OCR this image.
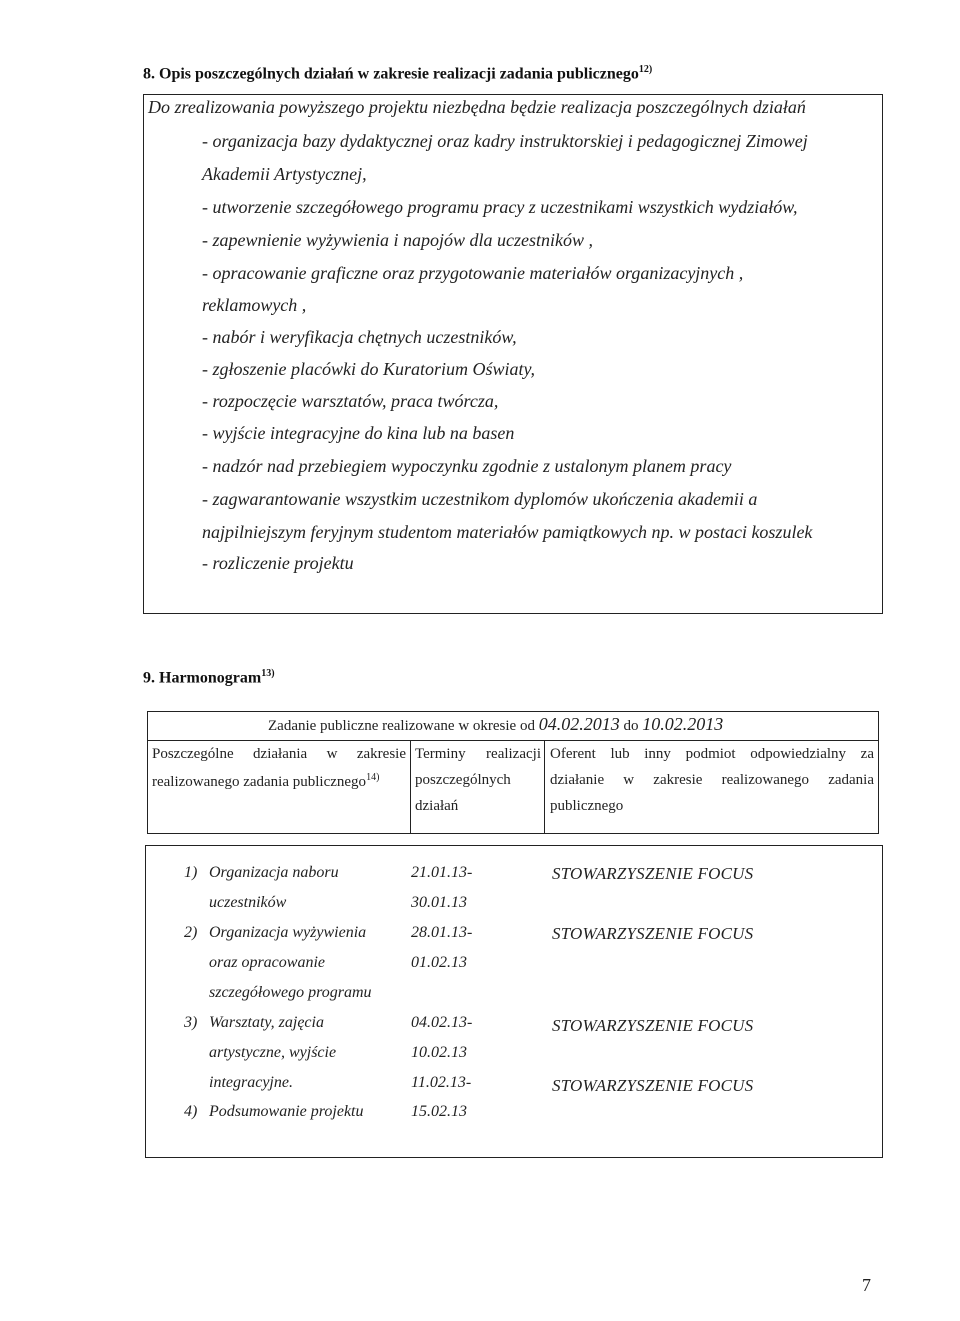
8. Opis poszczególnych działań w zakresie realizacji zadania publicznego$^{12)}$
Do zrealizowania powyższego projektu niezbędna będzie realizacja poszczególnych działań
- organizacja bazy dydaktycznej oraz kadry instruktorskiej i pedagogicznej Zimowej
Akademii Artystycznej,
- utworzenie szczegółowego programu pracy z uczestnikami wszystkich wydziałów,
- zapewnienie wyżywienia i napojów dla uczestników ,
- opracowanie graficzne oraz przygotowanie materiałów organizacyjnych ,
reklamowych ,
- nabór i weryfikacja chętnych uczestników,
- zgłoszenie placówki do Kuratorium Oświaty,
- rozpoczęcie warsztatów, praca twórcza,
- wyjście integracyjne do kina lub na basen
- nadzór nad przebiegiem wypoczynku zgodnie z ustalonym planem pracy
- zagwarantowanie wszystkim uczestnikom dyplomów ukończenia akademii a
najpilniejszym feryjnym studentom materiałów pamiątkowych np. w postaci koszulek
- rozliczenie projektu
9. Harmonogram$^{13)}$
Zadanie publiczne realizowane w okresie od 04.02.2013 do 10.02.2013
Poszczególne działania w zakresie
realizowanego zadania publicznego$^{14)}$
Terminy realizacji
poszczególnych
działań
Oferent lub inny podmiot odpowiedzialny za
działanie w zakresie realizowanego zadania
publicznego
1) Organizacja naboru
uczestników
21.01.13-
30.01.13
STOWARZYSZENIE FOCUS
2) Organizacja wyżywienia
oraz opracowanie
szczegółowego programu
28.01.13-
01.02.13
STOWARZYSZENIE FOCUS
3) Warsztaty, zajęcia
artystyczne, wyjście
integracyjne.
04.02.13-
10.02.13
STOWARZYSZENIE FOCUS
4) Podsumowanie projektu
11.02.13-
15.02.13
STOWARZYSZENIE FOCUS
7
